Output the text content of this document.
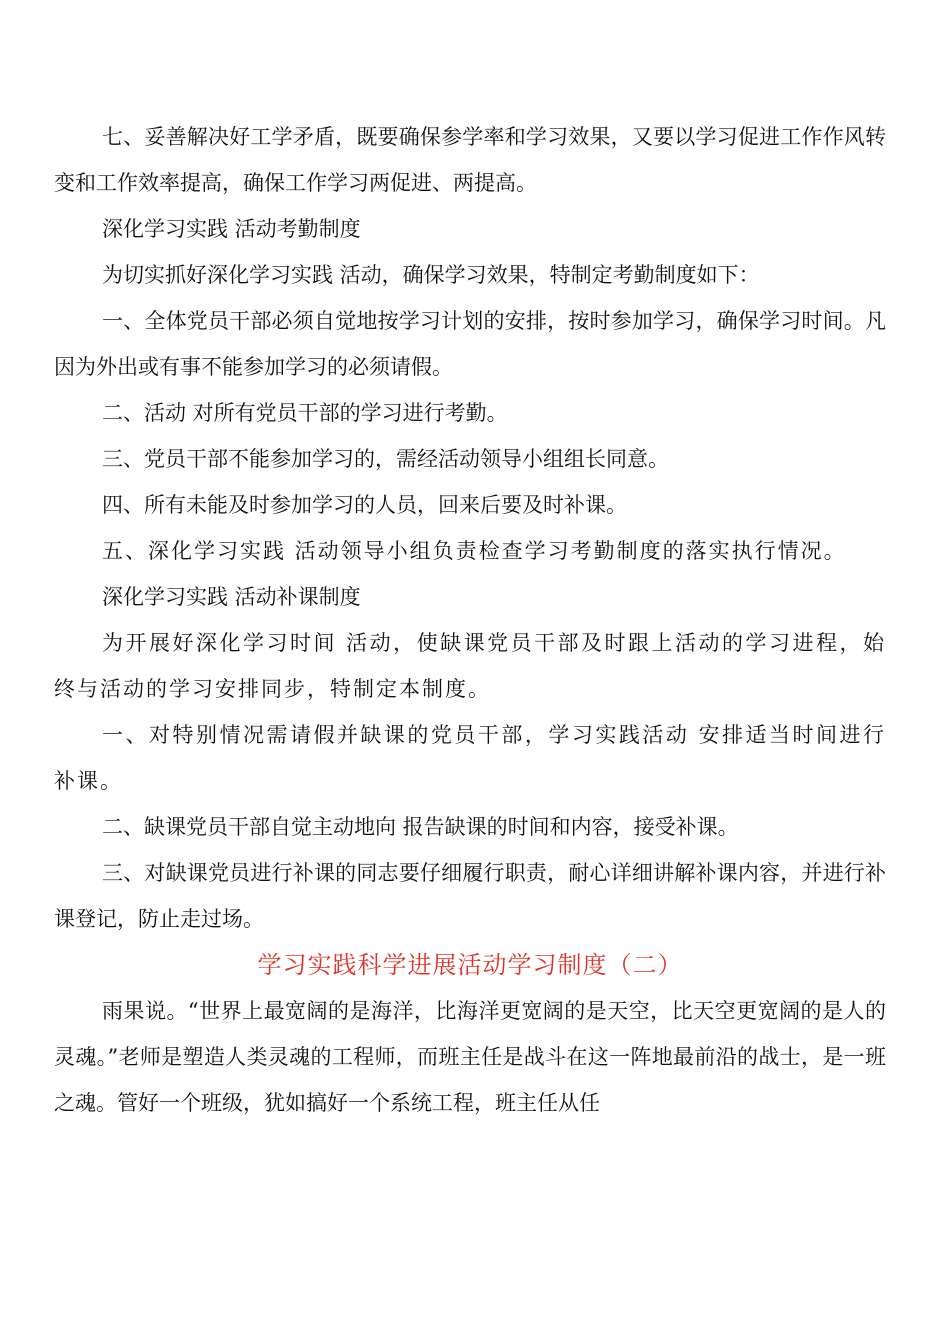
七、妥善解决好工学矛盾，既要确保参学率和学习效果，又要以学习促进工作作风转变和工作效率提高，确保工作学习两促进、两提高。

深化学习实践 活动考勤制度

为切实抓好深化学习实践 活动，确保学习效果，特制定考勤制度如下：

一、全体党员干部必须自觉地按学习计划的安排，按时参加学习，确保学习时间。凡因为外出或有事不能参加学习的必须请假。

二、活动 对所有党员干部的学习进行考勤。

三、党员干部不能参加学习的，需经活动领导小组组长同意。

四、所有未能及时参加学习的人员，回来后要及时补课。

五、深化学习实践 活动领导小组负责检查学习考勤制度的落实执行情况。

深化学习实践 活动补课制度

为开展好深化学习时间 活动，使缺课党员干部及时跟上活动的学习进程，始终与活动的学习安排同步，特制定本制度。

一、对特别情况需请假并缺课的党员干部，学习实践活动 安排适当时间进行补课。

二、缺课党员干部自觉主动地向 报告缺课的时间和内容，接受补课。

三、对缺课党员进行补课的同志要仔细履行职责，耐心详细讲解补课内容，并进行补课登记，防止走过场。

学习实践科学进展活动学习制度（二）

雨果说。“世界上最宽阔的是海洋，比海洋更宽阔的是天空，比天空更宽阔的是人的灵魂。”老师是塑造人类灵魂的工程师，而班主任是战斗在这一阵地最前沿的战士，是一班之魂。管好一个班级，犹如搞好一个系统工程，班主任从任
